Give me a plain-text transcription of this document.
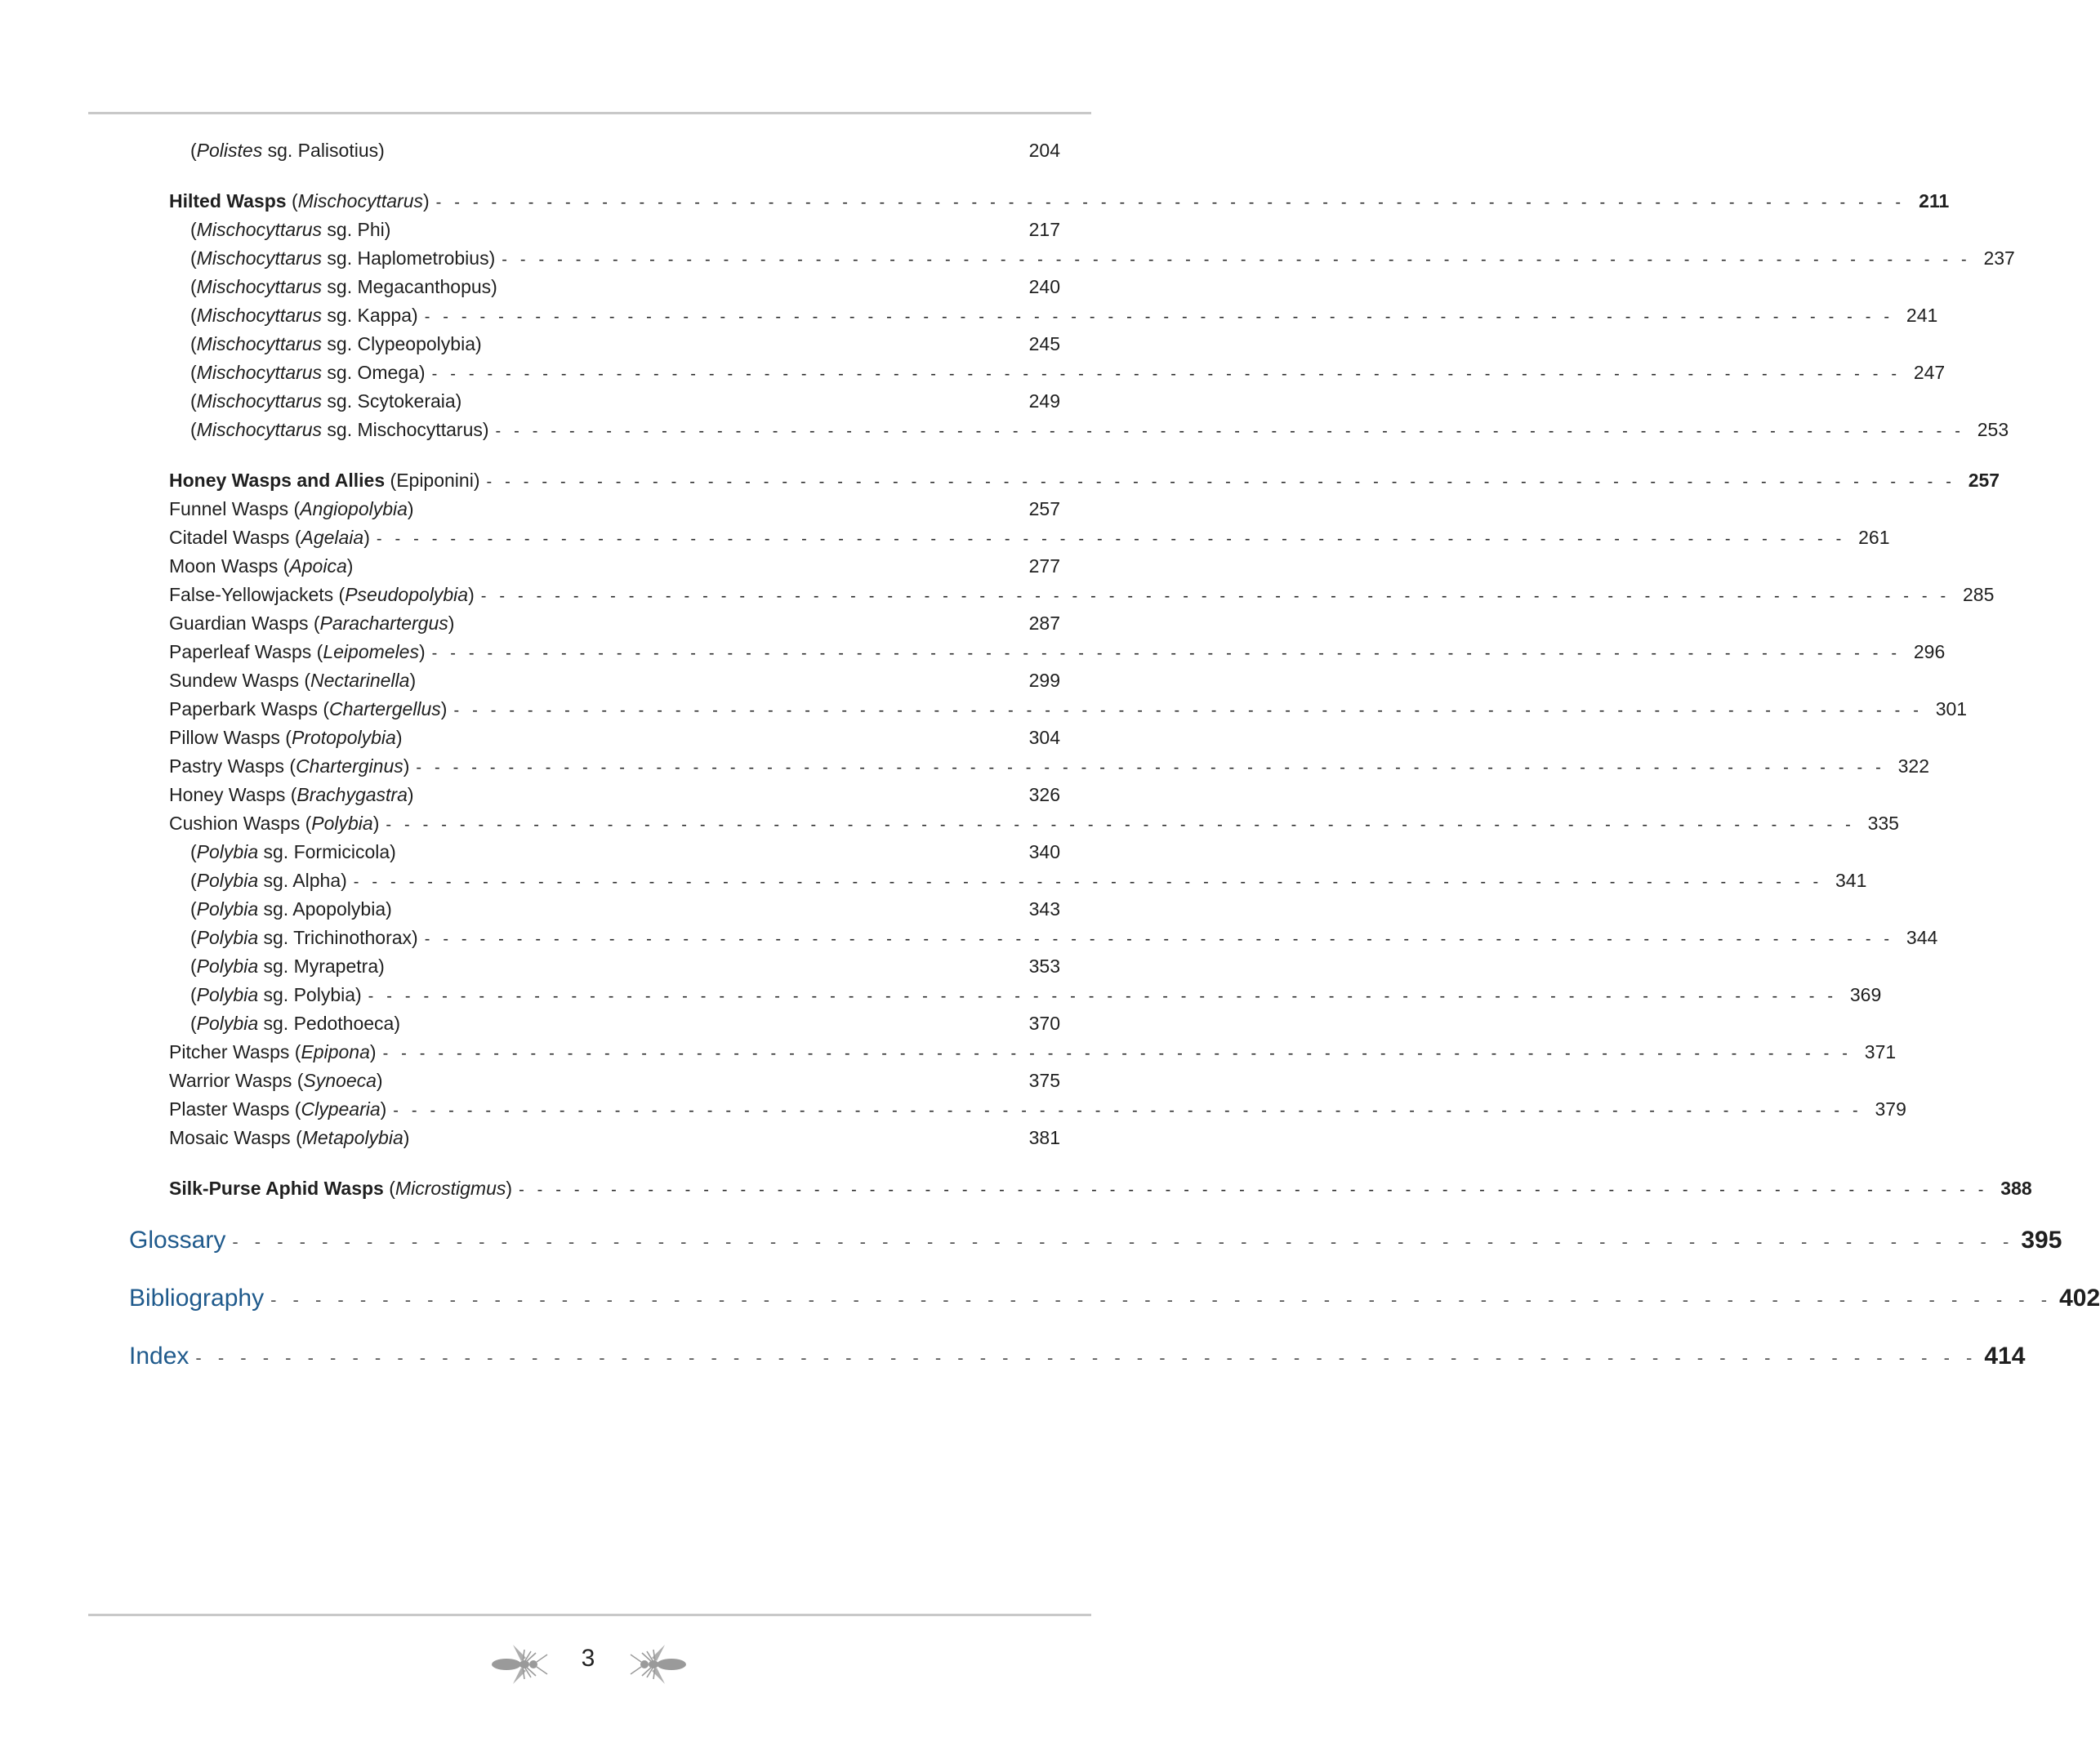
(Polistes sg. Palisotius)	204
Hilted Wasps (Mischocyttarus) - - - - - - - - - - - - - - - - - - - - - - - - - - - - - - - - - - - - - - - - - - - - - - - - - - - - - - - - - - - - - - - - - - - - - - - - - - - - - - - - 211
(Mischocyttarus sg. Phi)	217
(Mischocyttarus sg. Haplometrobius) - - - - - - - - - - - - - - - - - - - - - - - - - - - - - - - - - - - - - - - - - - - - - - - - - - - - - - - - - - - - - - - - - - - - - - - - - - - - - - - - 237
(Mischocyttarus sg. Megacanthopus)	240
(Mischocyttarus sg. Kappa) - - - - - - - - - - - - - - - - - - - - - - - - - - - - - - - - - - - - - - - - - - - - - - - - - - - - - - - - - - - - - - - - - - - - - - - - - - - - - - - - 241
(Mischocyttarus sg. Clypeopolybia)	245
(Mischocyttarus sg. Omega) - - - - - - - - - - - - - - - - - - - - - - - - - - - - - - - - - - - - - - - - - - - - - - - - - - - - - - - - - - - - - - - - - - - - - - - - - - - - - - - - 247
(Mischocyttarus sg. Scytokeraia)	249
(Mischocyttarus sg. Mischocyttarus) - - - - - - - - - - - - - - - - - - - - - - - - - - - - - - - - - - - - - - - - - - - - - - - - - - - - - - - - - - - - - - - - - - - - - - - - - - - - - - - - 253
Honey Wasps and Allies (Epiponini) - - - - - - - - - - - - - - - - - - - - - - - - - - - - - - - - - - - - - - - - - - - - - - - - - - - - - - - - - - - - - - - - - - - - - - - - - - - - - - - - 257
Funnel Wasps (Angiopolybia)	257
Citadel Wasps (Agelaia) - - - - - - - - - - - - - - - - - - - - - - - - - - - - - - - - - - - - - - - - - - - - - - - - - - - - - - - - - - - - - - - - - - - - - - - - - - - - - - - - 261
Moon Wasps (Apoica)	277
False-Yellowjackets (Pseudopolybia) - - - - - - - - - - - - - - - - - - - - - - - - - - - - - - - - - - - - - - - - - - - - - - - - - - - - - - - - - - - - - - - - - - - - - - - - - - - - - - - - 285
Guardian Wasps (Parachartergus)	287
Paperleaf Wasps (Leipomeles) - - - - - - - - - - - - - - - - - - - - - - - - - - - - - - - - - - - - - - - - - - - - - - - - - - - - - - - - - - - - - - - - - - - - - - - - - - - - - - - - 296
Sundew Wasps (Nectarinella)	299
Paperbark Wasps (Chartergellus) - - - - - - - - - - - - - - - - - - - - - - - - - - - - - - - - - - - - - - - - - - - - - - - - - - - - - - - - - - - - - - - - - - - - - - - - - - - - - - - - 301
Pillow Wasps (Protopolybia)	304
Pastry Wasps (Charterginus) - - - - - - - - - - - - - - - - - - - - - - - - - - - - - - - - - - - - - - - - - - - - - - - - - - - - - - - - - - - - - - - - - - - - - - - - - - - - - - - - 322
Honey Wasps (Brachygastra)	326
Cushion Wasps (Polybia) - - - - - - - - - - - - - - - - - - - - - - - - - - - - - - - - - - - - - - - - - - - - - - - - - - - - - - - - - - - - - - - - - - - - - - - - - - - - - - - - 335
(Polybia sg. Formicicola)	340
(Polybia sg. Alpha) - - - - - - - - - - - - - - - - - - - - - - - - - - - - - - - - - - - - - - - - - - - - - - - - - - - - - - - - - - - - - - - - - - - - - - - - - - - - - - - - 341
(Polybia sg. Apopolybia)	343
(Polybia sg. Trichinothorax) - - - - - - - - - - - - - - - - - - - - - - - - - - - - - - - - - - - - - - - - - - - - - - - - - - - - - - - - - - - - - - - - - - - - - - - - - - - - - - - - 344
(Polybia sg. Myrapetra)	353
(Polybia sg. Polybia) - - - - - - - - - - - - - - - - - - - - - - - - - - - - - - - - - - - - - - - - - - - - - - - - - - - - - - - - - - - - - - - - - - - - - - - - - - - - - - - - 369
(Polybia sg. Pedothoeca)	370
Pitcher Wasps (Epipona) - - - - - - - - - - - - - - - - - - - - - - - - - - - - - - - - - - - - - - - - - - - - - - - - - - - - - - - - - - - - - - - - - - - - - - - - - - - - - - - - 371
Warrior Wasps (Synoeca)	375
Plaster Wasps (Clypearia) - - - - - - - - - - - - - - - - - - - - - - - - - - - - - - - - - - - - - - - - - - - - - - - - - - - - - - - - - - - - - - - - - - - - - - - - - - - - - - - - 379
Mosaic Wasps (Metapolybia)	381
Silk-Purse Aphid Wasps (Microstigmus) - - - - - - - - - - - - - - - - - - - - - - - - - - - - - - - - - - - - - - - - - - - - - - - - - - - - - - - - - - - - - - - - - - - - - - - - - - - - - - - - 388
Glossary - - - - - - - - - - - - - - - - - - - - - - - - - - - - - - - - - - - - - - - - - - - - - - - - - - - - - - - - - - - - - - - - - - - - - - - - - - - - - - - - 395
Bibliography - - - - - - - - - - - - - - - - - - - - - - - - - - - - - - - - - - - - - - - - - - - - - - - - - - - - - - - - - - - - - - - - - - - - - - - - - - - - - - - - 402
Index - - - - - - - - - - - - - - - - - - - - - - - - - - - - - - - - - - - - - - - - - - - - - - - - - - - - - - - - - - - - - - - - - - - - - - - - - - - - - - - - 414
3
